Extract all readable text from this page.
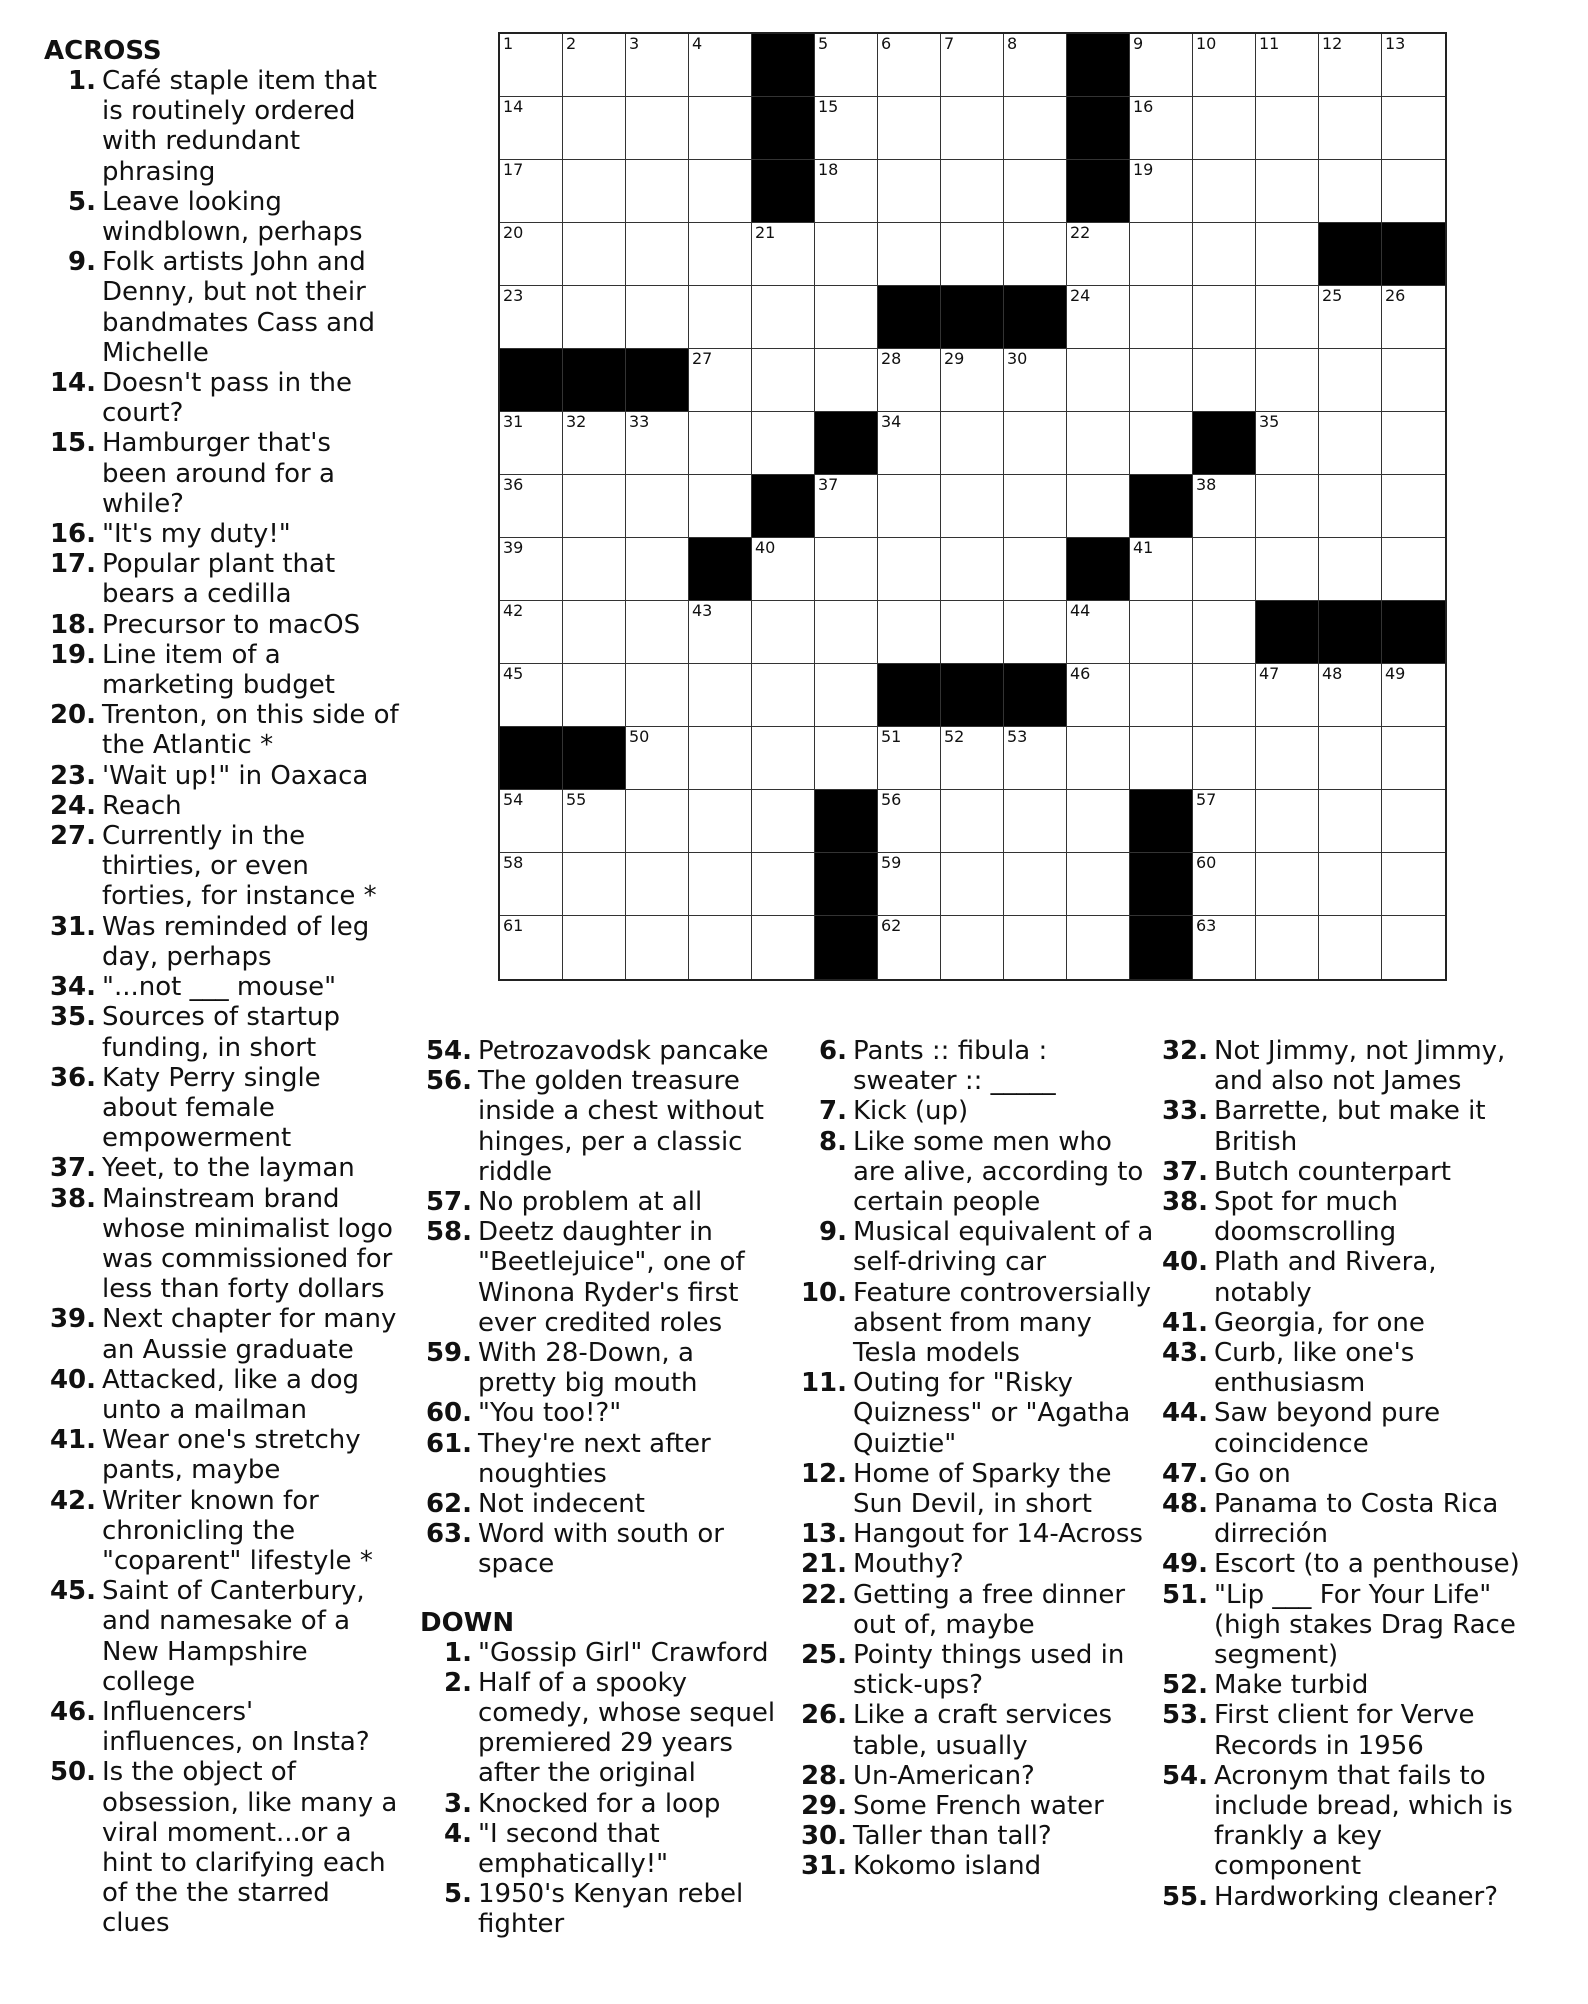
ACROSS
1. Café staple item that is routinely ordered with redundant phrasing
5. Leave looking windblown, perhaps
9. Folk artists John and Denny, but not their bandmates Cass and Michelle
14. Doesn't pass in the court?
15. Hamburger that's been around for a while?
16. "It's my duty!"
17. Popular plant that bears a cedilla
18. Precursor to macOS
19. Line item of a marketing budget
20. Trenton, on this side of the Atlantic *
23. 'Wait up!" in Oaxaca
24. Reach
27. Currently in the thirties, or even forties, for instance *
31. Was reminded of leg day, perhaps
34. "...not ___ mouse"
35. Sources of startup funding, in short
36. Katy Perry single about female empowerment
37. Yeet, to the layman
38. Mainstream brand whose minimalist logo was commissioned for less than forty dollars
39. Next chapter for many an Aussie graduate
40. Attacked, like a dog unto a mailman
41. Wear one's stretchy pants, maybe
42. Writer known for chronicling the "coparent" lifestyle *
45. Saint of Canterbury, and namesake of a New Hampshire college
46. Influencers' influences, on Insta?
50. Is the object of obsession, like many a viral moment...or a hint to clarifying each of the the starred clues
1	2	3	4	5	6	7	8	9	10	11	12	13
14	15	16
17	18	19
20	21	22
23	24	25	26
27	28	29	30
31	32	33	34	35
36	37	38
39	40	41
42	43	44
45	46	47	48	49
50	51	52	53
54	55	56	57
58	59	60
61	62	63
54. Petrozavodsk pancake
56. The golden treasure inside a chest without hinges, per a classic riddle
57. No problem at all
58. Deetz daughter in "Beetlejuice", one of Winona Ryder's first ever credited roles
59. With 28-Down, a pretty big mouth
60. "You too!?"
61. They're next after noughties
62. Not indecent
63. Word with south or space
DOWN
1. "Gossip Girl" Crawford
2. Half of a spooky comedy, whose sequel premiered 29 years after the original
3. Knocked for a loop
4. "I second that emphatically!"
5. 1950's Kenyan rebel fighter
6. Pants :: fibula : sweater :: _____
7. Kick (up)
8. Like some men who are alive, according to certain people
9. Musical equivalent of a self-driving car
10. Feature controversially absent from many Tesla models
11. Outing for "Risky Quizness" or "Agatha Quiztie"
12. Home of Sparky the Sun Devil, in short
13. Hangout for 14-Across
21. Mouthy?
22. Getting a free dinner out of, maybe
25. Pointy things used in stick-ups?
26. Like a craft services table, usually
28. Un-American?
29. Some French water
30. Taller than tall?
31. Kokomo island
32. Not Jimmy, not Jimmy, and also not James
33. Barrette, but make it British
37. Butch counterpart
38. Spot for much doomscrolling
40. Plath and Rivera, notably
41. Georgia, for one
43. Curb, like one's enthusiasm
44. Saw beyond pure coincidence
47. Go on
48. Panama to Costa Rica dirreción
49. Escort (to a penthouse)
51. "Lip ___ For Your Life" (high stakes Drag Race segment)
52. Make turbid
53. First client for Verve Records in 1956
54. Acronym that fails to include bread, which is frankly a key component
55. Hardworking cleaner?
